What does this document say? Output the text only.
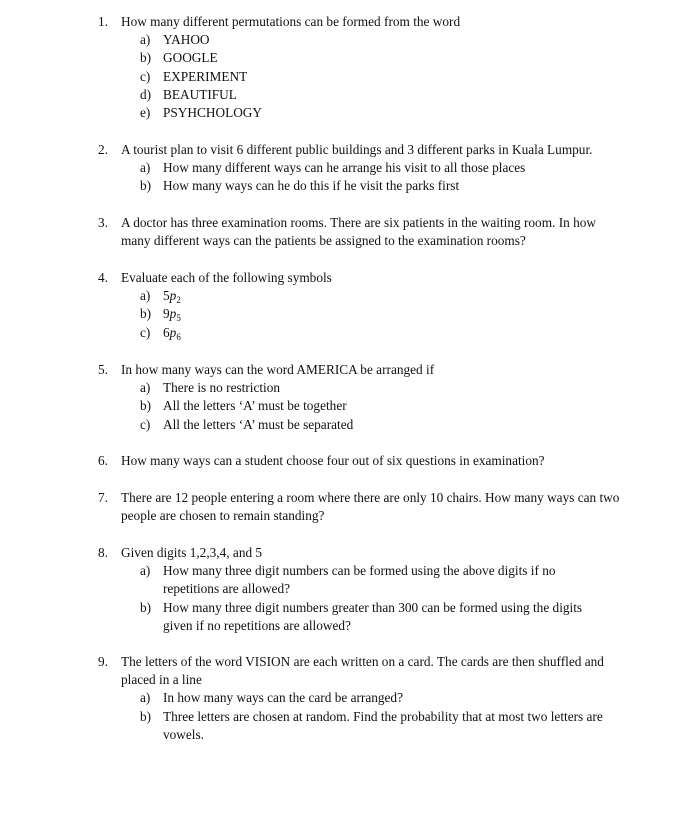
1. How many different permutations can be formed from the word
a) YAHOO
b) GOOGLE
c) EXPERIMENT
d) BEAUTIFUL
e) PSYHCHOLOGY
2. A tourist plan to visit 6 different public buildings and 3 different parks in Kuala Lumpur.
a) How many different ways can he arrange his visit to all those places
b) How many ways can he do this if he visit the parks first
3. A doctor has three examination rooms. There are six patients in the waiting room. In how many different ways can the patients be assigned to the examination rooms?
4. Evaluate each of the following symbols
a) $5p_2$
b) $9p_5$
c) $6p_6$
5. In how many ways can the word AMERICA be arranged if
a) There is no restriction
b) All the letters ‘A’ must be together
c) All the letters ‘A’ must be separated
6. How many ways can a student choose four out of six questions in examination?
7. There are 12 people entering a room where there are only 10 chairs. How many ways can two people are chosen to remain standing?
8. Given digits 1,2,3,4, and 5
a) How many three digit numbers can be formed using the above digits if no repetitions are allowed?
b) How many three digit numbers greater than 300 can be formed using the digits given if no repetitions are allowed?
9. The letters of the word VISION are each written on a card. The cards are then shuffled and placed in a line
a) In how many ways can the card be arranged?
b) Three letters are chosen at random. Find the probability that at most two letters are vowels.
